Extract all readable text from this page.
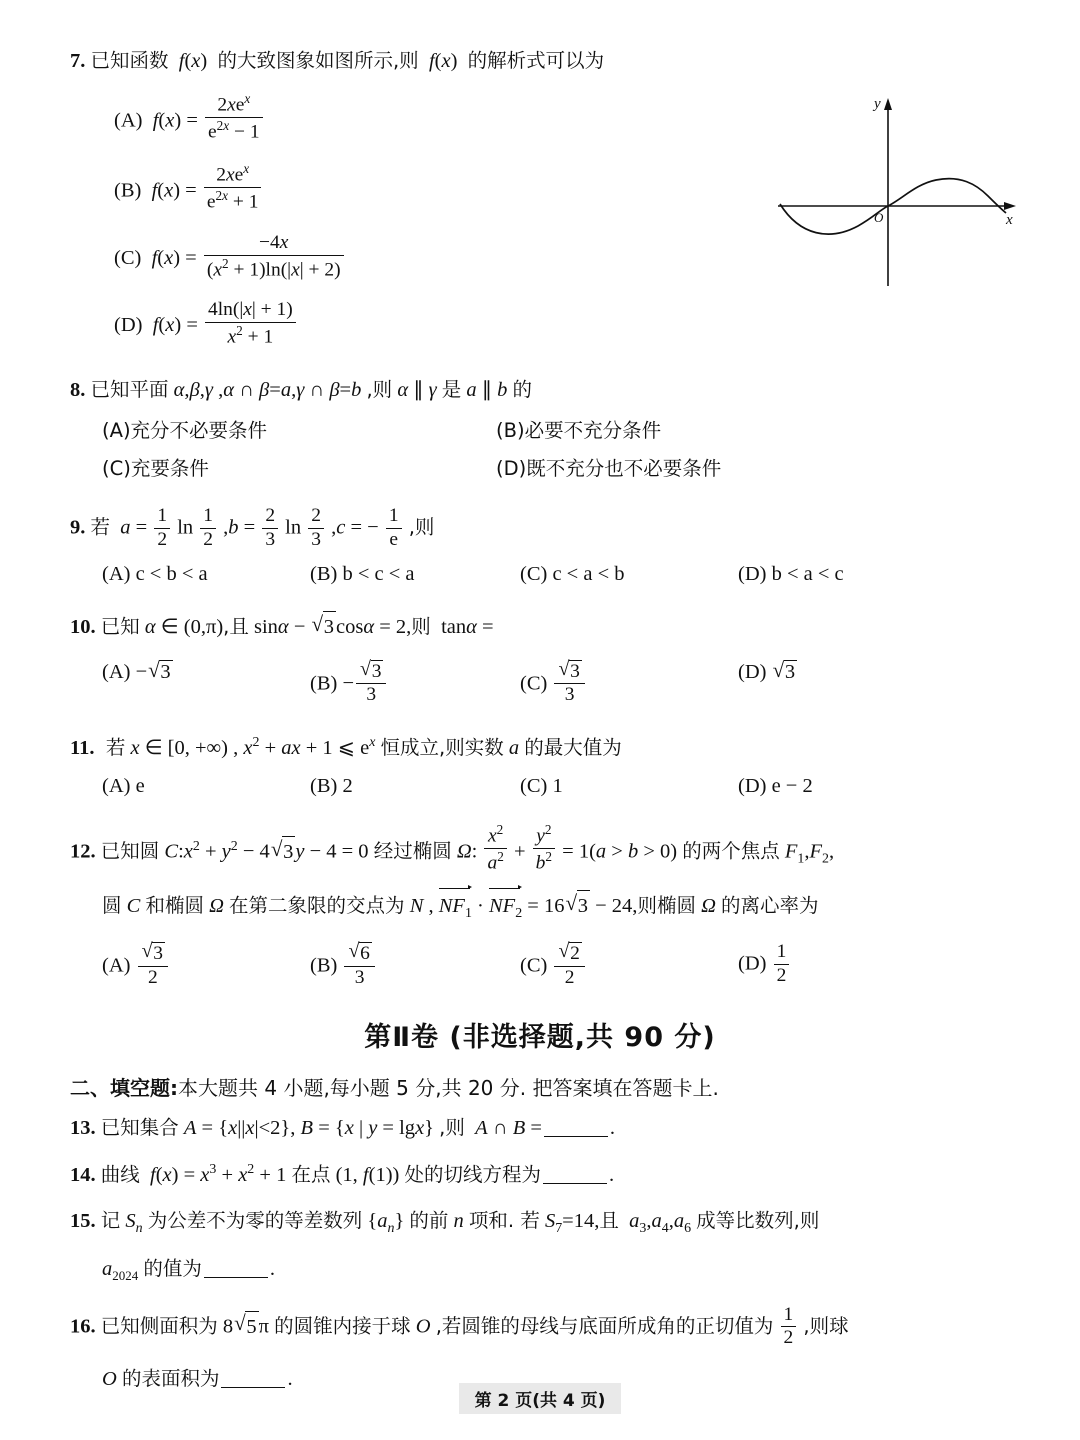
7. 已知函数  f(x)  的大致图象如图所示,则  f(x)  的解析式可以为
(A)  $f(x) = \frac{2xe^x}{e^{2x} - 1}$
(B)  $f(x) = \frac{2xe^x}{e^{2x} + 1}$
(C)  $f(x) = \frac{-4x}{(x^2 + 1)\ln(|x| + 2)}$
(D)  $f(x) = \frac{4\ln(|x| + 1)}{x^2 + 1}$
y
x
O
8. 已知平面 α,β,γ ,α ∩ β=a,γ ∩ β=b ,则 α ∥ γ 是 a ∥ b 的
(A)充分不必要条件	(B)必要不充分条件
(C)充要条件	(D)既不充分也不必要条件
9. 若  $a = \frac{1}{2}$ $\ln \frac{1}{2} ,b = \frac{2}{3}$ $\ln \frac{2}{3} ,c$ = − $\frac{1}{e}$ ,则
(A) c < b < a	(B) b < c < a	(C) c < a < b	(D) b < a < c
10. 已知 α ∈ (0,π),且 sinα − √ 3cosα = 2,则  tanα =
(A) − √ 3
(B) − √ $\frac{3}{3}$	(C) √ $\frac{3}{3}$	(D) √ 3
11.  若 x ∈ [0, +∞) , $x^2$ + ax + 1 ⩽ $e^x$ 恒成立,则实数 a 的最大值为
(A) e	(B) 2	(C) 1	(D) e − 2
12. 已知圆 $C:x^2 + y^2 - 4$ √ 3y − 4 = 0 经过椭圆 Ω: $\frac{x^2}{a^2} + \frac{y^2}{b^2} = 1(a > b > 0)$ 的两个焦点 $F_1,F_2$,
圆 C 和椭圆 Ω 在第二象限的交点为 N , $NF_1 \cdot NF_2 = 16$ √ 3 − 24,则椭圆 Ω 的离心率为
(A) √ $\frac{3}{2}$	(B) √ $\frac{6}{3}$	(C) √ $\frac{2}{2}$	$(D) \frac{1}{2}$
第Ⅱ卷 (非选择题,共 90 分)
二、填空题:本大题共 4 小题,每小题 5 分,共 20 分. 把答案填在答题卡上.
13. 已知集合 A = {x||x|<2}, B = {x | y = lgx} ,则  A ∩ B =	.
14. 曲线  $f(x) = x^3 + x^2 + 1$ 在点 (1, f(1)) 处的切线方程为	.
15. 记 $S_n$ 为公差不为零的等差数列 $\{a_n\}$ 的前 n 项和. 若 $S_7=14$,且  $a_3,a_4,a_6$ 成等比数列,则
$a_{2024}$ 的值为	.
16. 已知侧面积为 8 √ 5π 的圆锥内接于球 O ,若圆锥的母线与底面所成角的正切值为 $\frac{1}{2}$ ,则球
O 的表面积为	.
第 2 页(共 4 页)
